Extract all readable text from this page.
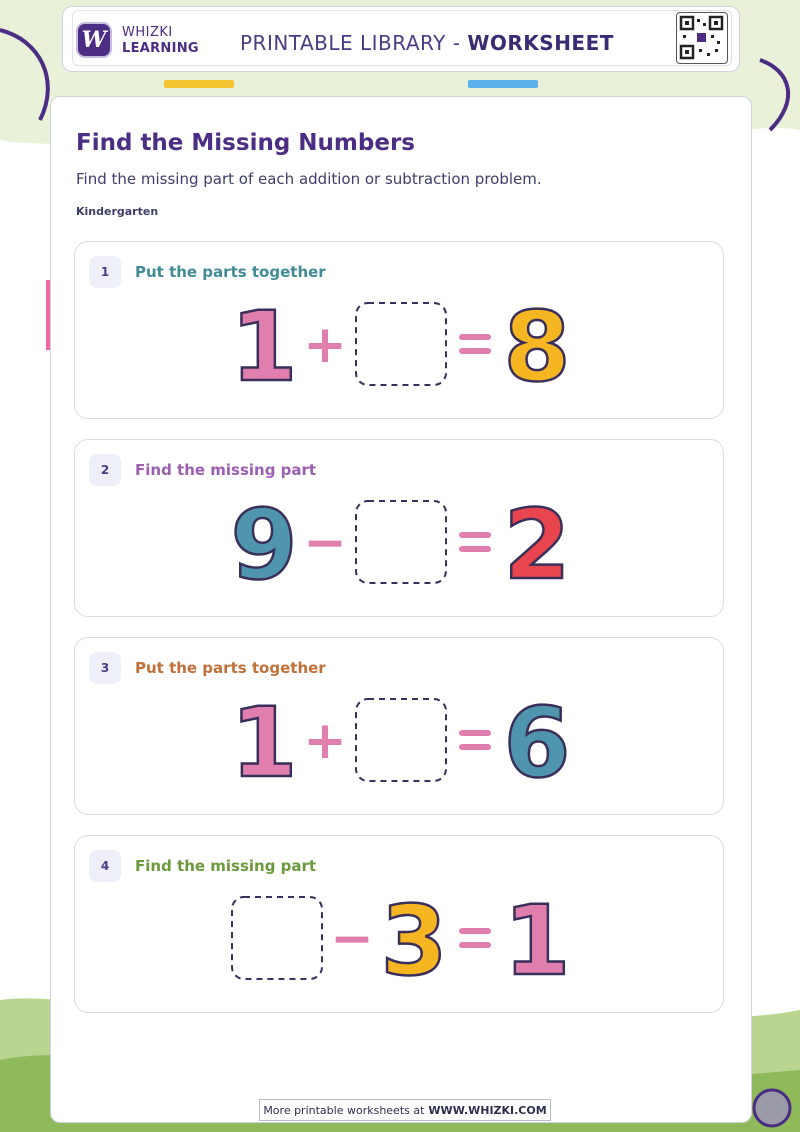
W	WHIZKI
LEARNING PRINTABLE LIBRARY - WORKSHEET
Find the Missing Numbers
Find the missing part of each addition or subtraction problem.
Kindergarten
1	Put the parts together
1 + 8
2	Find the missing part
9 − 2
3	Put the parts together
1 + 6
4	Find the missing part
− 3 1
More printable worksheets at WWW.WHIZKI.COM
